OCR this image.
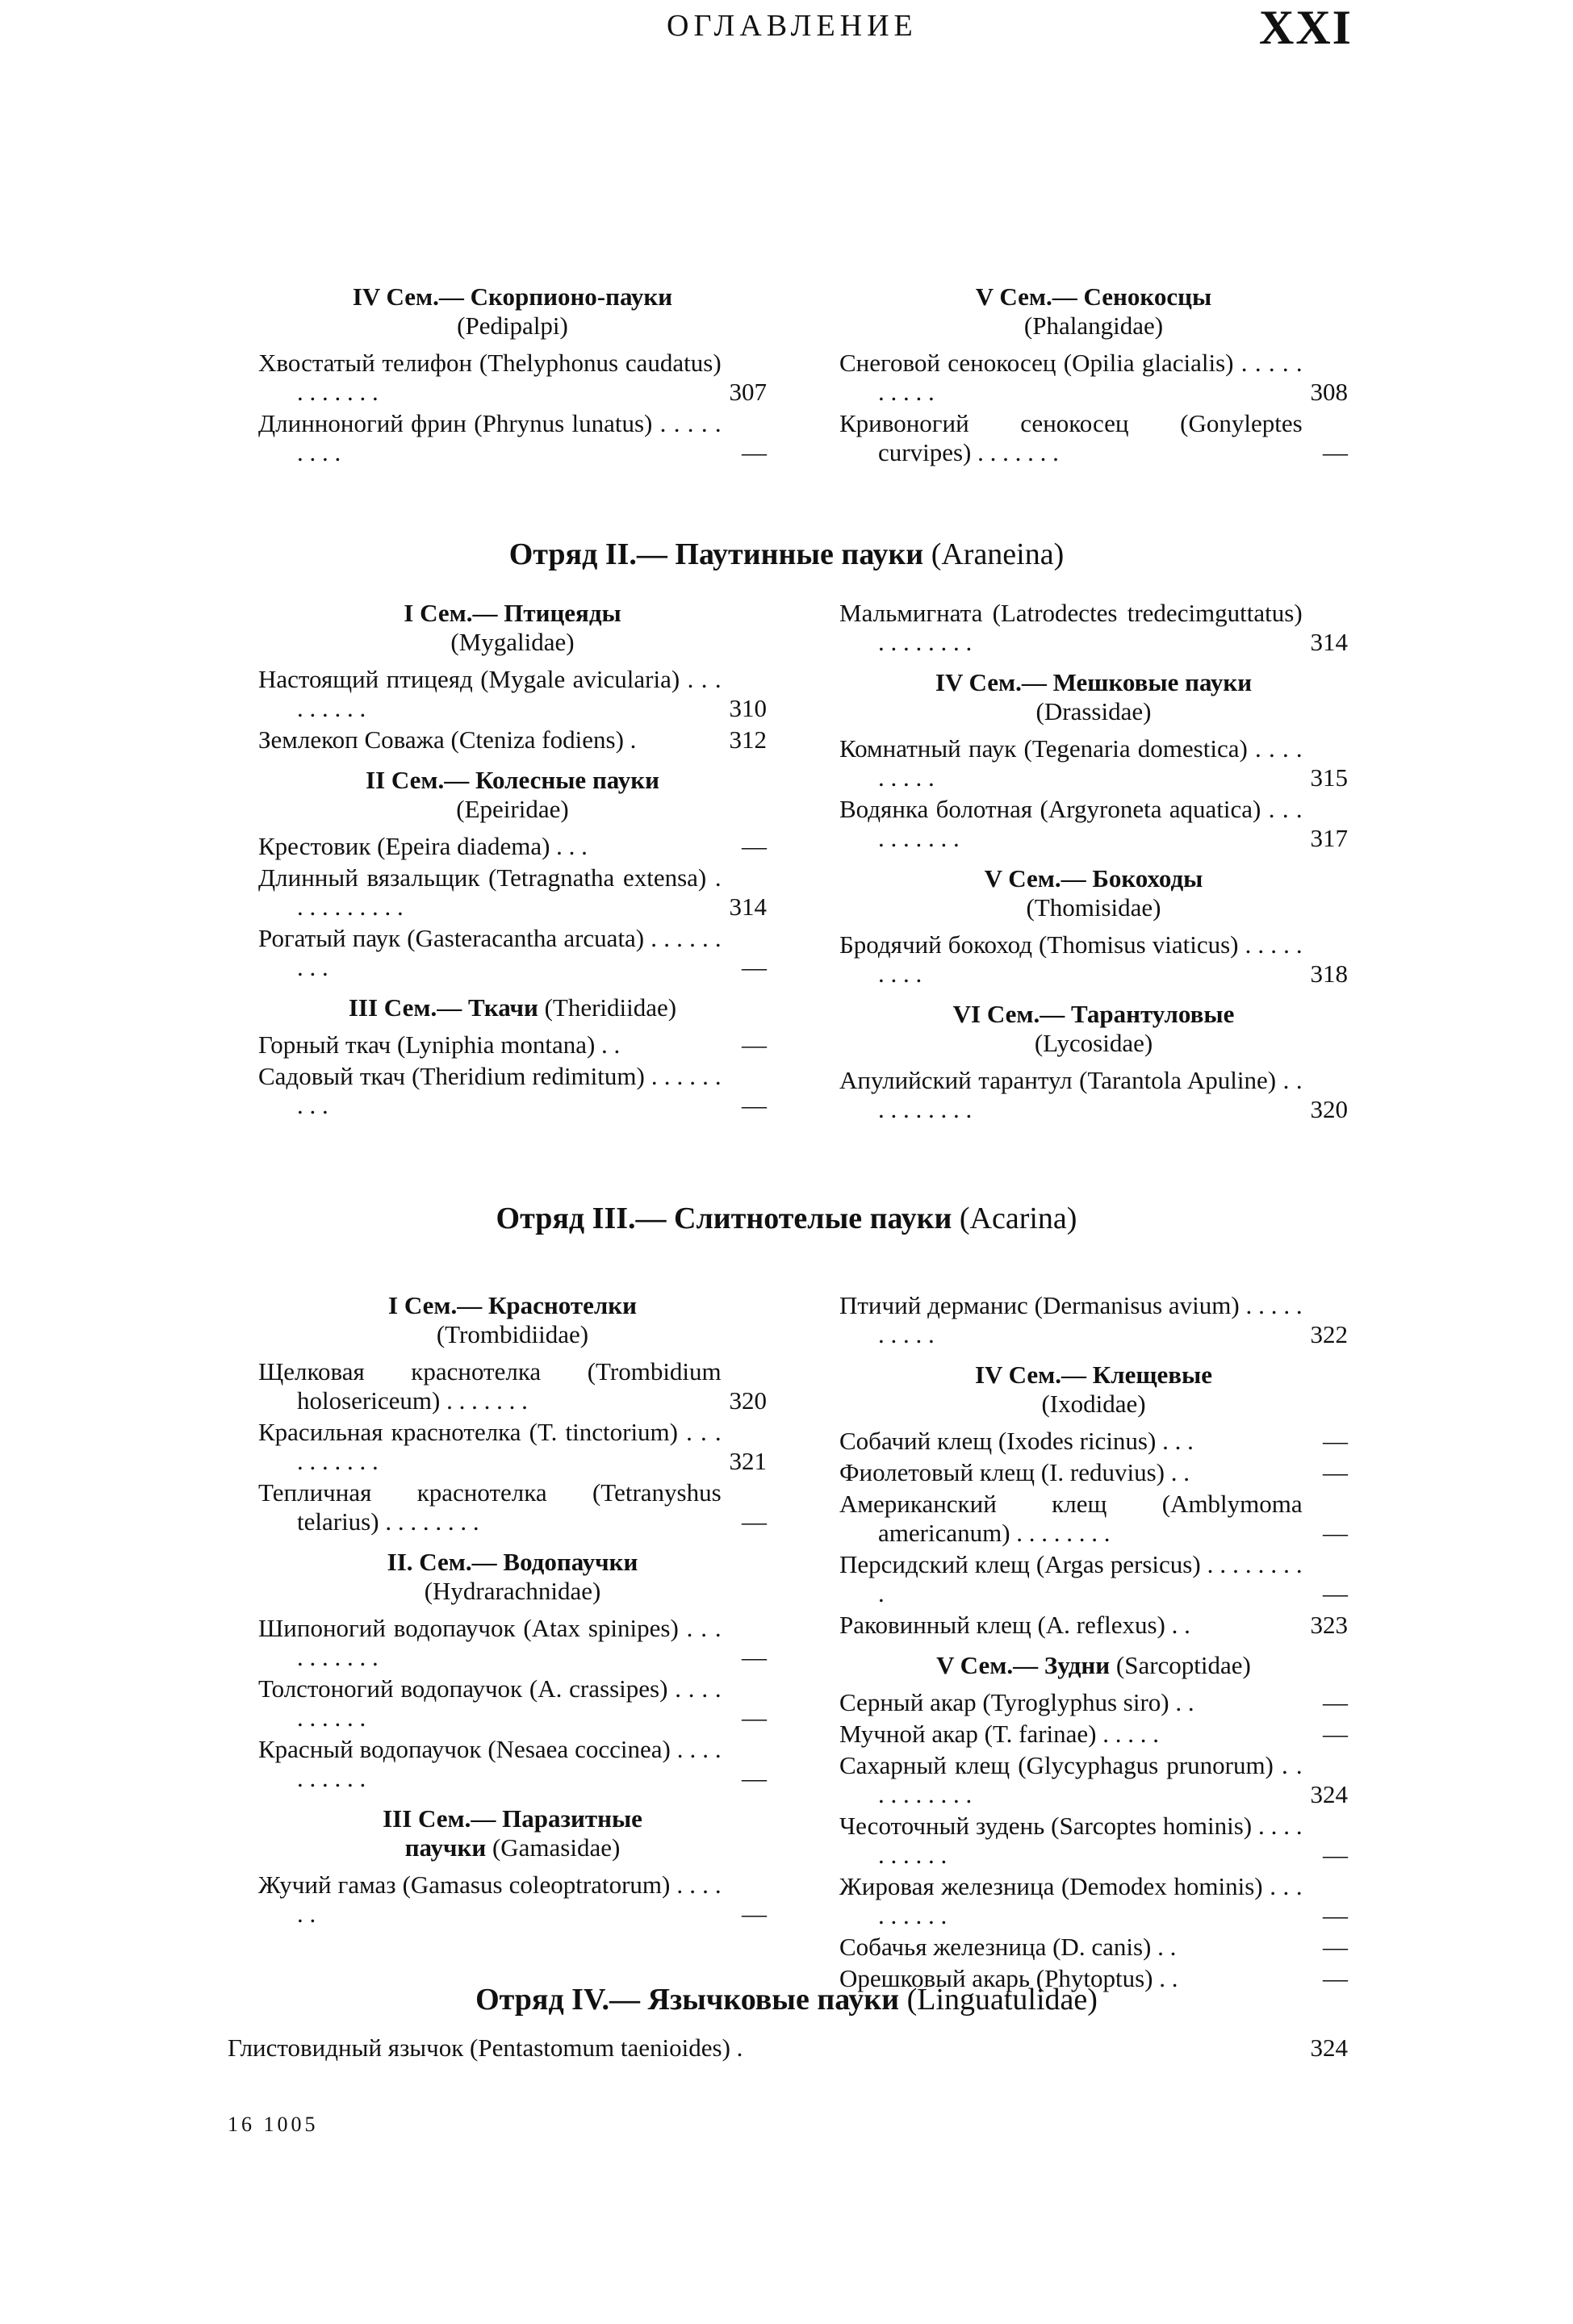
ОГЛАВЛЕНИЕ	XXI
IV Сем.— Скорпионо-пауки (Pedipalpi)
Хвостатый телифон (Thelyphonus caudatus) . . . . . . .	307
Длинноногий фрин (Phrynus lunatus) . . . . . . . . .	—
V Сем.— Сенокосцы (Phalangidae)
Снеговой сенокосец (Opilia glacialis) . . . . . . . . . .	308
Кривоногий сенокосец (Gonyleptes curvipes) . . . . . . .	—
Отряд II.— Паутинные пауки (Araneina)
I Сем.— Птицеяды (Mygalidae)
Настоящий птицеяд (Mygale avicularia) . . . . . . . . .	310
Землекоп Соважа (Cteniza fodiens) .	312
II Сем.— Колесные пауки (Epeiridae)
Крестовик (Epeira diadema) . . .	—
Длинный вязальщик (Tetragnatha extensa) . . . . . . . . . .	314
Рогатый паук (Gasteracantha arcuata) . . . . . . . . .	—
III Сем.— Ткачи (Theridiidae)
Горный ткач (Lyniphia montana) . .	—
Садовый ткач (Theridium redimitum) . . . . . . . . .	—
Мальмигната (Latrodectes tredecimguttatus) . . . . . . . .	314
IV Сем.— Мешковые пауки (Drassidae)
Комнатный паук (Tegenaria domestica) . . . . . . . . .	315
Водянка болотная (Argyroneta aquatica) . . . . . . . . . .	317
V Сем.— Бокоходы (Thomisidae)
Бродячий бокоход (Thomisus viaticus) . . . . . . . . .	318
VI Сем.— Тарантуловые (Lycosidae)
Апулийский тарантул (Tarantola Apuline) . . . . . . . . . .	320
Отряд III.— Слитнотелые пауки (Acarina)
I Сем.— Краснотелки (Trombidiidae)
Щелковая краснотелка (Trombidium holosericeum) . . . . . . .	320
Красильная краснотелка (T. tinctorium) . . . . . . . . . .	321
Тепличная краснотелка (Tetranyshus telarius) . . . . . . . .	—
II. Сем.— Водопаучки (Hydrarachnidae)
Шипоногий водопаучок (Atax spinipes) . . . . . . . . . .	—
Толстоногий водопаучок (A. crassipes) . . . . . . . . . .	—
Красный водопаучок (Nesaea coccinea) . . . . . . . . . .	—
III Сем.— Паразитные паучки (Gamasidae)
Жучий гамаз (Gamasus coleoptratorum) . . . . . .	—
Птичий дерманис (Dermanisus avium) . . . . . . . . . .	322
IV Сем.— Клещевые (Ixodidae)
Собачий клещ (Ixodes ricinus) . . .	—
Фиолетовый клещ (I. reduvius) . .	—
Американский клещ (Amblymoma americanum) . . . . . . . .	—
Персидский клещ (Argas persicus) . . . . . . . . .	—
Раковинный клещ (A. reflexus) . .	323
V Сем.— Зудни (Sarcoptidae)
Серный акар (Tyroglyphus siro) . .	—
Мучной акар (T. farinae) . . . . .	—
Сахарный клещ (Glycyphagus prunorum) . . . . . . . . . .	324
Чесоточный зудень (Sarcoptes hominis) . . . . . . . . . .	—
Жировая железница (Demodex hominis) . . . . . . . . .	—
Собачья железница (D. canis) . .	—
Орешковый акарь (Phytoptus) . .	—
Отряд IV.— Язычковые пауки (Linguatulidae)
Глистовидный язычок (Pentastomum taenioides) .	324
16 1005
